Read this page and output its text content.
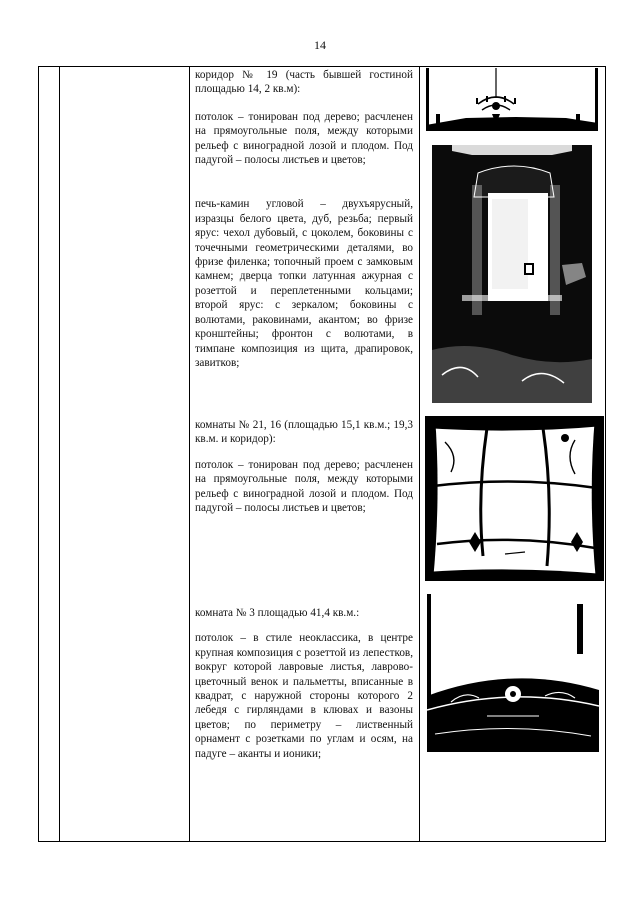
14

коридор № 19 (часть бывшей гостиной площадью 14, 2 кв.м):

потолок – тонирован под дерево; расчленен на прямоугольные поля, между которыми рельеф с виноградной лозой и плодом. Под падугой – полосы листьев и цветов;

печь-камин угловой – двухъярусный, изразцы белого цвета, дуб, резьба; первый ярус: чехол дубовый, с цоколем, боковины с точечными геометрическими деталями, во фризе филенка; топочный проем с замковым камнем; дверца топки латунная ажурная с розеттой и переплетенными кольцами; второй ярус: с зеркалом; боковины с волютами, раковинами, акантом; во фризе кронштейны; фронтон с волютами, в тимпане композиция из щита, драпировок, завитков;

комнаты № 21, 16 (площадью 15,1 кв.м.; 19,3 кв.м. и коридор):

потолок – тонирован под дерево; расчленен на прямоугольные поля, между которыми рельеф с виноградной лозой и плодом. Под падугой – полосы листьев и цветов;

комната № 3 площадью 41,4 кв.м.:

потолок – в стиле неоклассика, в центре крупная композиция с розеттой из лепестков, вокруг которой лавровые листья, лаврово-цветочный венок и пальметты, вписанные в квадрат, с наружной стороны которого 2 лебедя с гирляндами в клювах и вазоны цветов; по периметру – лиственный орнамент с розетками по углам и осям, на падуге – аканты и ионики;
